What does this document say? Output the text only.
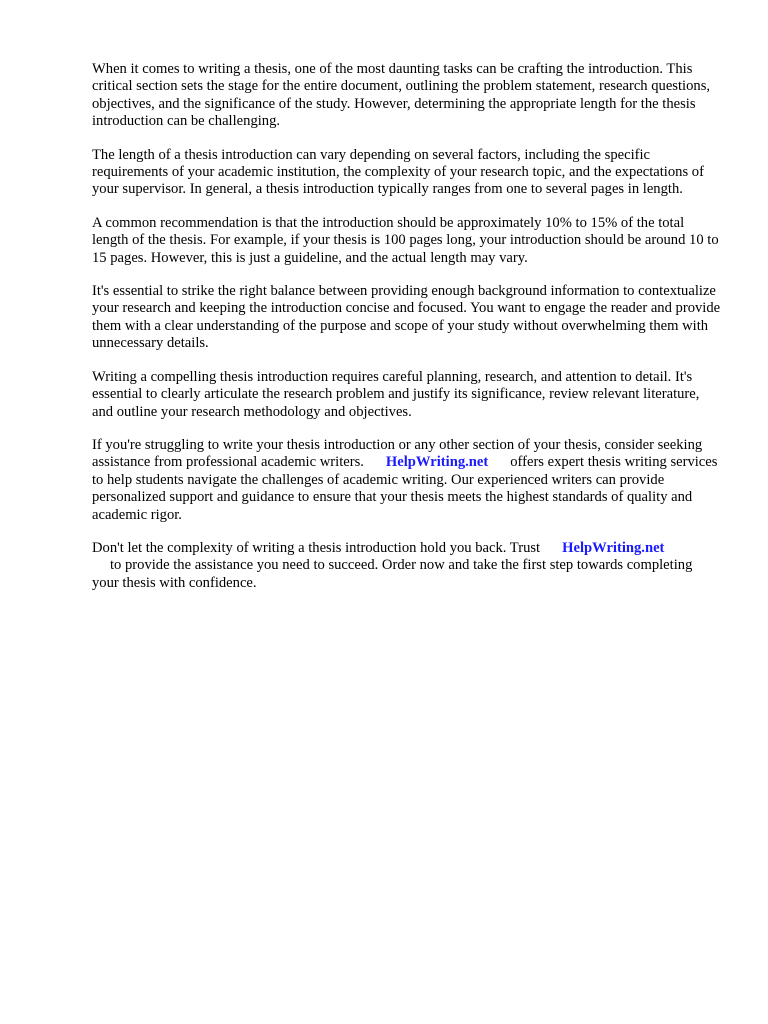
When it comes to writing a thesis, one of the most daunting tasks can be crafting the introduction. This critical section sets the stage for the entire document, outlining the problem statement, research questions, objectives, and the significance of the study. However, determining the appropriate length for the thesis introduction can be challenging.

The length of a thesis introduction can vary depending on several factors, including the specific requirements of your academic institution, the complexity of your research topic, and the expectations of your supervisor. In general, a thesis introduction typically ranges from one to several pages in length.

A common recommendation is that the introduction should be approximately 10% to 15% of the total length of the thesis. For example, if your thesis is 100 pages long, your introduction should be around 10 to 15 pages. However, this is just a guideline, and the actual length may vary.

It's essential to strike the right balance between providing enough background information to contextualize your research and keeping the introduction concise and focused. You want to engage the reader and provide them with a clear understanding of the purpose and scope of your study without overwhelming them with unnecessary details.

Writing a compelling thesis introduction requires careful planning, research, and attention to detail. It's essential to clearly articulate the research problem and justify its significance, review relevant literature, and outline your research methodology and objectives.

If you're struggling to write your thesis introduction or any other section of your thesis, consider seeking assistance from professional academic writers. HelpWriting.net offers expert thesis writing services to help students navigate the challenges of academic writing. Our experienced writers can provide personalized support and guidance to ensure that your thesis meets the highest standards of quality and academic rigor.

Don't let the complexity of writing a thesis introduction hold you back. Trust HelpWriting.net
to provide the assistance you need to succeed. Order now and take the first step towards completing your thesis with confidence.
